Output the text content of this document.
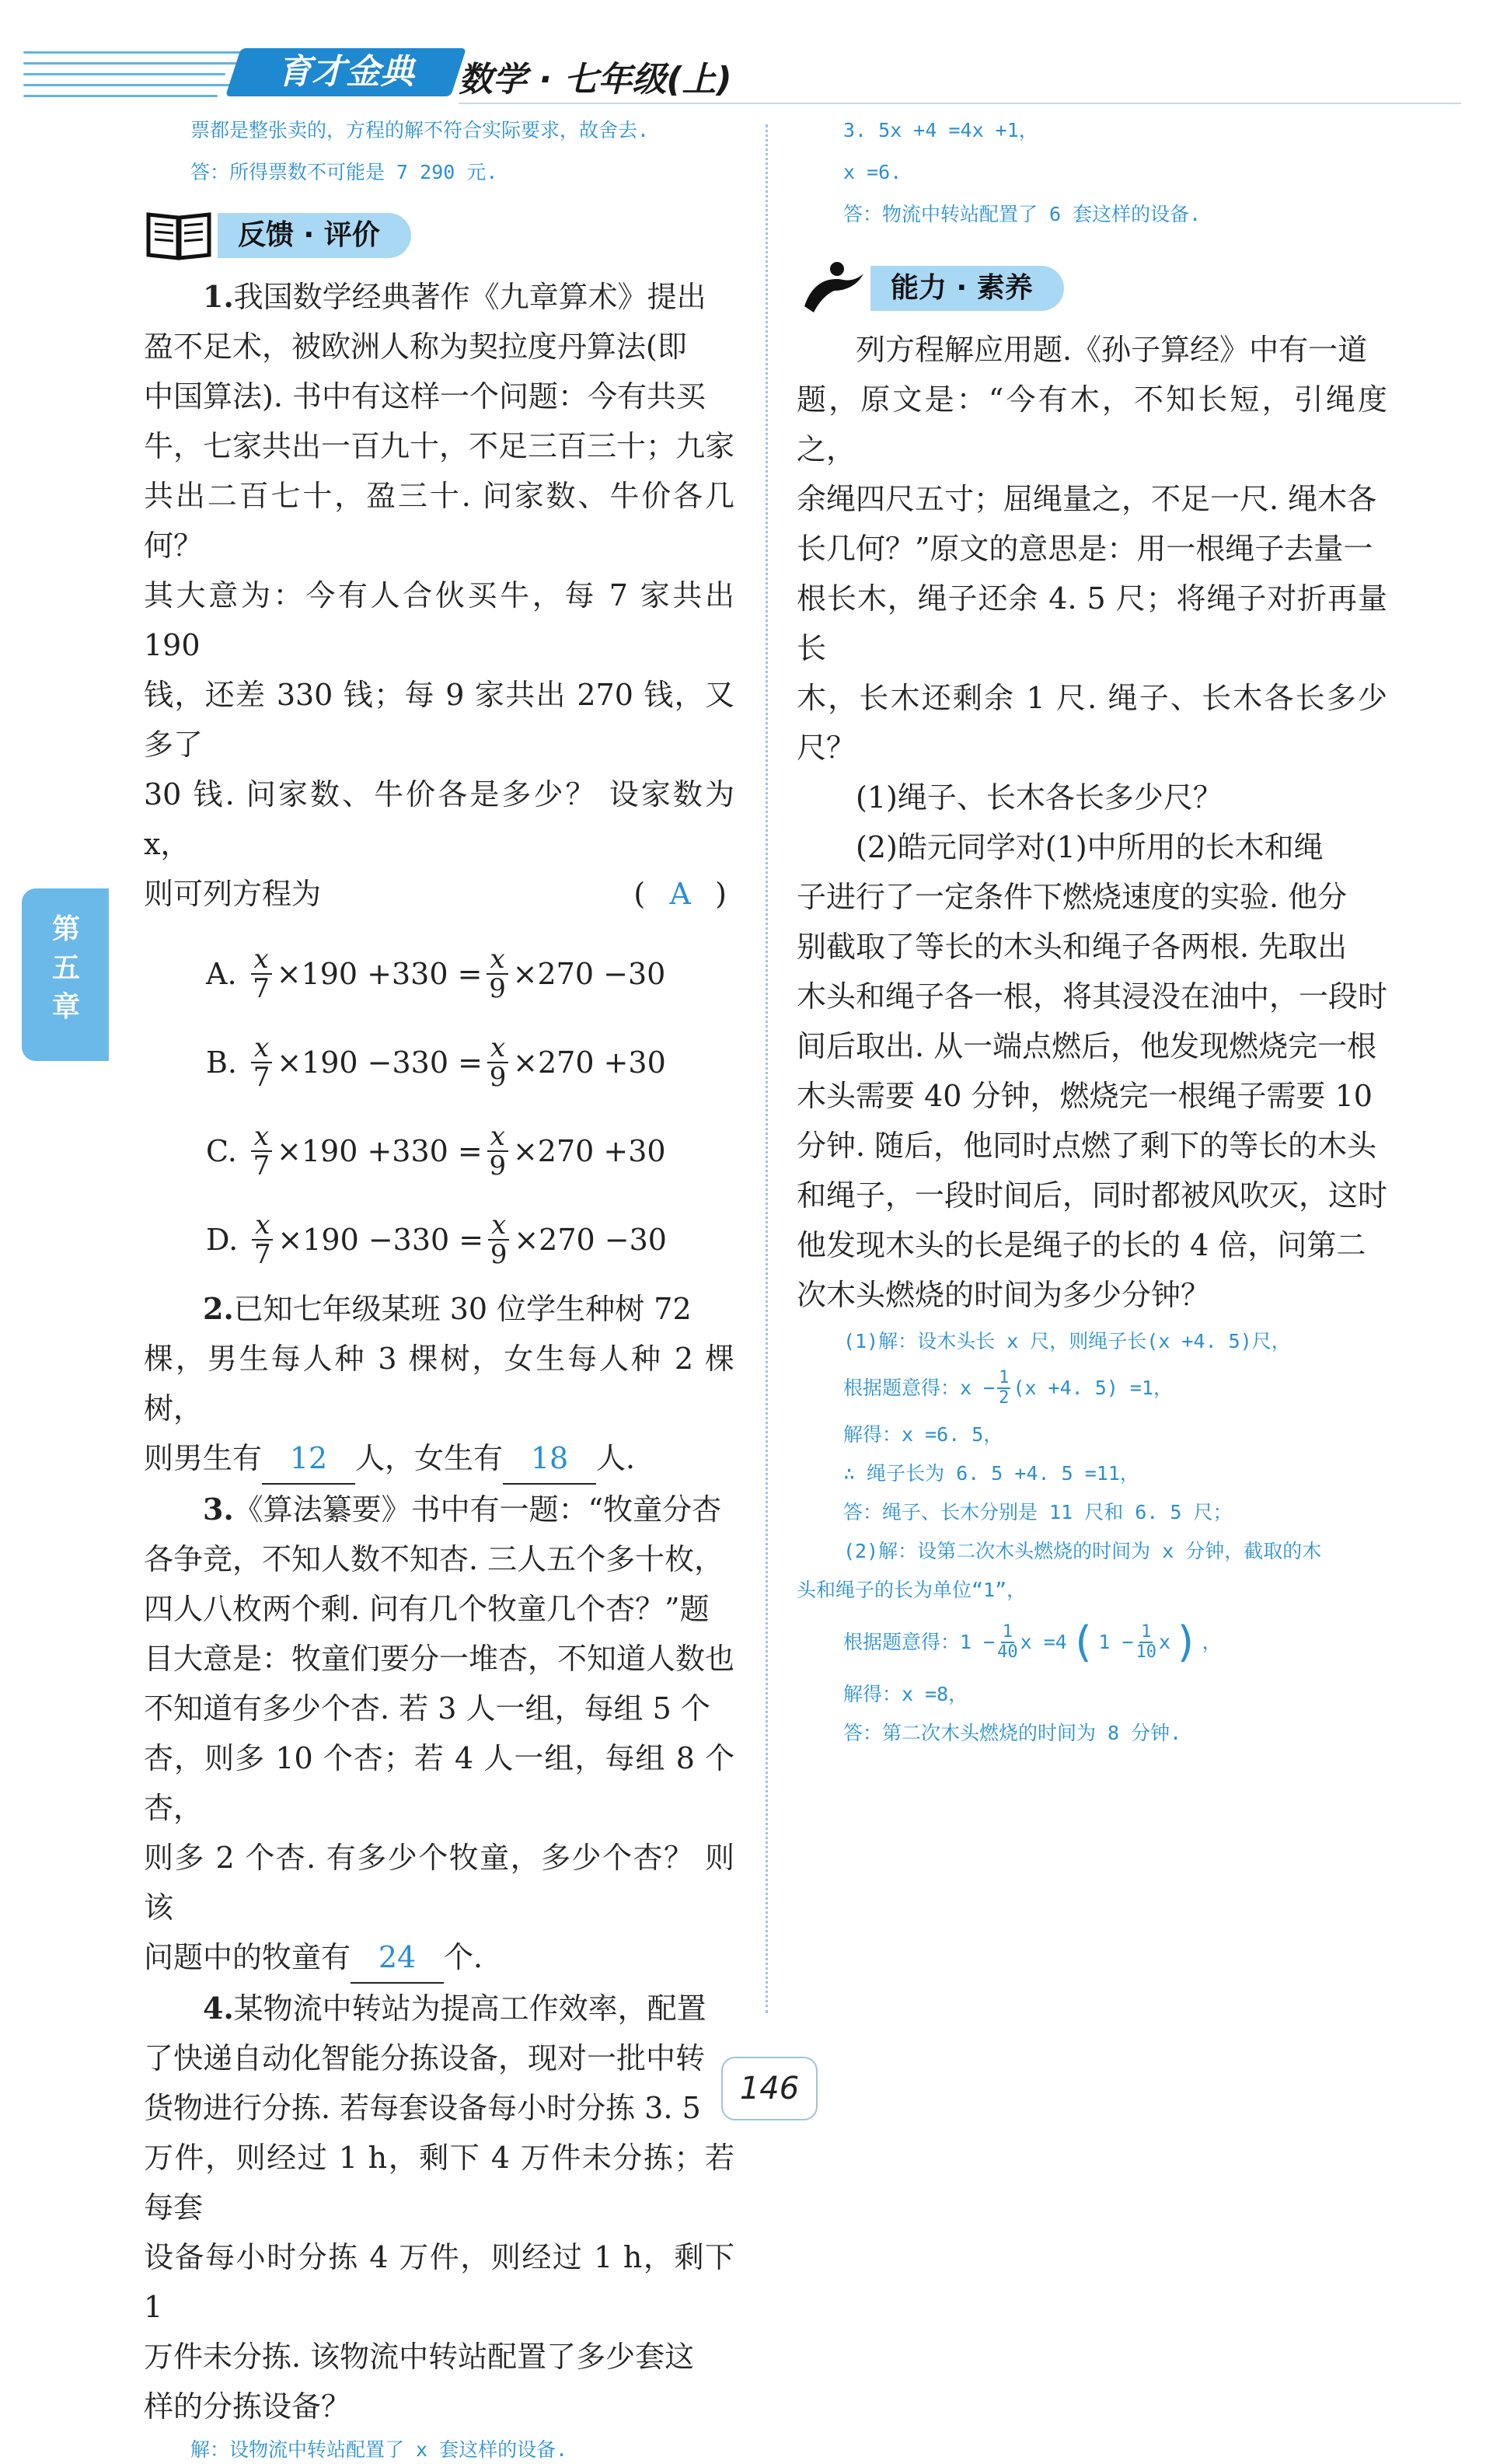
育才金典	数学 · 七年级(上)
第五章
票都是整张卖的，方程的解不符合实际要求，故舍去.
答：所得票数不可能是 7 290 元.
反馈 · 评价
1.我国数学经典著作《九章算术》提出
盈不足术，被欧洲人称为契拉度丹算法(即
中国算法). 书中有这样一个问题：今有共买
牛，七家共出一百九十，不足三百三十；九家
共出二百七十，盈三十. 问家数、牛价各几何？
其大意为：今有人合伙买牛，每 7 家共出 190
钱，还差 330 钱；每 9 家共出 270 钱，又多了
30 钱. 问家数、牛价各是多少？ 设家数为 x，
则可列方程为	( A )
A. $\frac{x}{7} \times 190 +330 = \frac{x}{9} \times 270 -30$
B. $\frac{x}{7} \times 190 -330 = \frac{x}{9} \times 270 +30$
C. $\frac{x}{7} \times 190 +330 = \frac{x}{9} \times 270 +30$
D. $\frac{x}{7} \times 190 -330 = \frac{x}{9} \times 270 -30$
2.已知七年级某班 30 位学生种树 72
棵，男生每人种 3 棵树，女生每人种 2 棵树，
则男生有 12 人，女生有 18 人.
3.《算法纂要》书中有一题：“牧童分杏
各争竞，不知人数不知杏. 三人五个多十枚，
四人八枚两个剩. 问有几个牧童几个杏？”题
目大意是：牧童们要分一堆杏，不知道人数也
不知道有多少个杏. 若 3 人一组，每组 5 个
杏，则多 10 个杏；若 4 人一组，每组 8 个杏，
则多 2 个杏. 有多少个牧童，多少个杏？ 则该
问题中的牧童有 24 个.
4.某物流中转站为提高工作效率，配置
了快递自动化智能分拣设备，现对一批中转
货物进行分拣. 若每套设备每小时分拣 3. 5
万件，则经过 1 h，剩下 4 万件未分拣；若每套
设备每小时分拣 4 万件，则经过 1 h，剩下 1
万件未分拣. 该物流中转站配置了多少套这
样的分拣设备？
解：设物流中转站配置了 x 套这样的设备.
3. 5x +4 =4x +1，
x =6.
答：物流中转站配置了 6 套这样的设备.
能力 · 素养
列方程解应用题.《孙子算经》中有一道
题，原文是：“今有木，不知长短，引绳度之，
余绳四尺五寸；屈绳量之，不足一尺. 绳木各
长几何？”原文的意思是：用一根绳子去量一
根长木，绳子还余 4. 5 尺；将绳子对折再量长
木，长木还剩余 1 尺. 绳子、长木各长多少尺？
(1)绳子、长木各长多少尺？
(2)皓元同学对(1)中所用的长木和绳
子进行了一定条件下燃烧速度的实验. 他分
别截取了等长的木头和绳子各两根. 先取出
木头和绳子各一根，将其浸没在油中，一段时
间后取出. 从一端点燃后，他发现燃烧完一根
木头需要 40 分钟，燃烧完一根绳子需要 10
分钟. 随后，他同时点燃了剩下的等长的木头
和绳子，一段时间后，同时都被风吹灭，这时
他发现木头的长是绳子的长的 4 倍，问第二
次木头燃烧的时间为多少分钟？
(1)解：设木头长 x 尺，则绳子长(x +4. 5)尺，
根据题意得：$x - \frac{1}{2} (x +4$. 5) =1，
解得：x =6. 5，
∴ 绳子长为 6. 5 +4. 5 =11，
答：绳子、长木分别是 11 尺和 6. 5 尺；
(2)解：设第二次木头燃烧的时间为 x 分钟，截取的木
头和绳子的长为单位“1”，
根据题意得：$1 - \frac{1}{40}$ x =4 ( $1 - \frac{1}{10}$ x ) ，
解得：x =8，
答：第二次木头燃烧的时间为 8 分钟.
146
